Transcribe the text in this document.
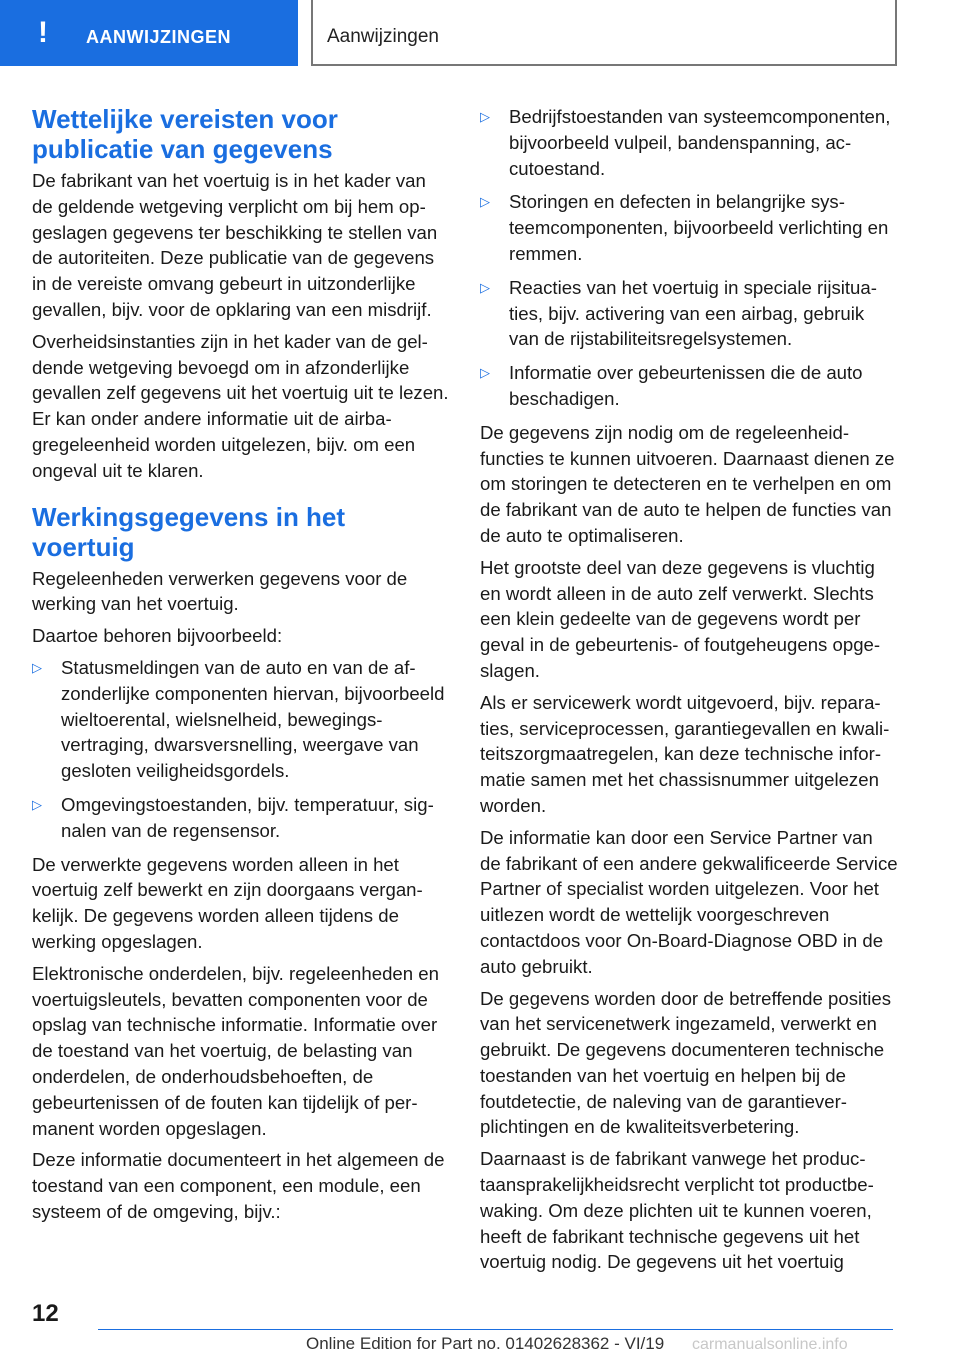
! AANWIJZINGEN	Aanwijzingen
Wettelijke vereisten voor publicatie van gegevens

De fabrikant van het voertuig is in het kader van de geldende wetgeving verplicht om bij hem opgeslagen gegevens ter beschikking te stellen van de autoriteiten. Deze publicatie van de gegevens in de vereiste omvang gebeurt in uitzonderlijke gevallen, bijv. voor de opklaring van een misdrijf.

Overheidsinstanties zijn in het kader van de geldende wetgeving bevoegd om in afzonderlijke gevallen zelf gegevens uit het voertuig uit te lezen. Er kan onder andere informatie uit de airbagregeleenheid worden uitgelezen, bijv. om een ongeval uit te klaren.

Werkingsgegevens in het voertuig

Regeleenheden verwerken gegevens voor de werking van het voertuig.

Daartoe behoren bijvoorbeeld:

▷ Statusmeldingen van de auto en van de afzonderlijke componenten hiervan, bijvoorbeeld wieltoerental, wielsnelheid, bewegingsvertraging, dwarsversnelling, weergave van gesloten veiligheidsgordels.
▷ Omgevingstoestanden, bijv. temperatuur, signalen van de regensensor.

De verwerkte gegevens worden alleen in het voertuig zelf bewerkt en zijn doorgaans vergankelijk. De gegevens worden alleen tijdens de werking opgeslagen.

Elektronische onderdelen, bijv. regeleenheden en voertuigsleutels, bevatten componenten voor de opslag van technische informatie. Informatie over de toestand van het voertuig, de belasting van onderdelen, de onderhoudsbehoeften, de gebeurtenissen of de fouten kan tijdelijk of permanent worden opgeslagen.

Deze informatie documenteert in het algemeen de toestand van een component, een module, een systeem of de omgeving, bijv.:

▷ Bedrijfstoestanden van systeemcomponenten, bijvoorbeeld vulpeil, bandenspanning, accutoestand.
▷ Storingen en defecten in belangrijke systeemcomponenten, bijvoorbeeld verlichting en remmen.
▷ Reacties van het voertuig in speciale rijsituaties, bijv. activering van een airbag, gebruik van de rijstabiliteitsregelsystemen.
▷ Informatie over gebeurtenissen die de auto beschadigen.

De gegevens zijn nodig om de regeleenheidfuncties te kunnen uitvoeren. Daarnaast dienen ze om storingen te detecteren en te verhelpen en om de fabrikant van de auto te helpen de functies van de auto te optimaliseren.

Het grootste deel van deze gegevens is vluchtig en wordt alleen in de auto zelf verwerkt. Slechts een klein gedeelte van de gegevens wordt per geval in de gebeurtenis- of foutgeheugens opgeslagen.

Als er servicewerk wordt uitgevoerd, bijv. reparaties, serviceprocessen, garantiegevallen en kwaliteitszorgmaatregelen, kan deze technische informatie samen met het chassisnummer uitgelezen worden.

De informatie kan door een Service Partner van de fabrikant of een andere gekwalificeerde Service Partner of specialist worden uitgelezen. Voor het uitlezen wordt de wettelijk voorgeschreven contactdoos voor On-Board-Diagnose OBD in de auto gebruikt.

De gegevens worden door de betreffende posities van het servicenetwerk ingezameld, verwerkt en gebruikt. De gegevens documenteren technische toestanden van het voertuig en helpen bij de foutdetectie, de naleving van de garantieverplichtingen en de kwaliteitsverbetering.

Daarnaast is de fabrikant vanwege het productaansprakelijkheidsrecht verplicht tot productbewaking. Om deze plichten uit te kunnen voeren, heeft de fabrikant technische gegevens uit het voertuig nodig. De gegevens uit het voertuig

12
Online Edition for Part no. 01402628362 - VI/19 carmanualsonline.info
